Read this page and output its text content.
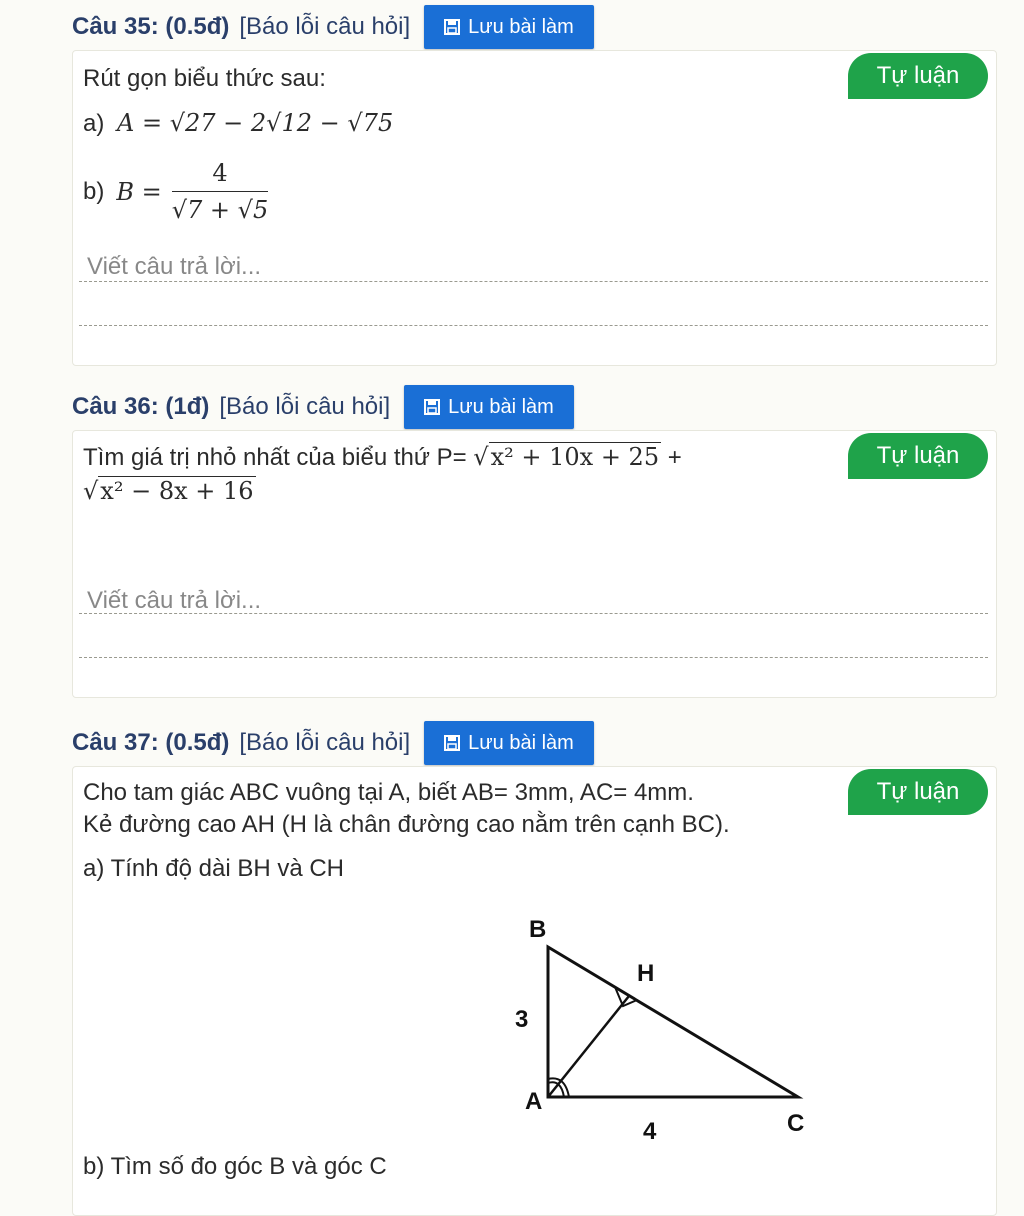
Câu 35: (0.5đ) [Báo lỗi câu hỏi]	Lưu bài làm
Tự luận
Rút gọn biểu thức sau:
a) A = √27 − 2√12 − √75
b) $B = \frac{4}{√7 + √5}$
Viết câu trả lời...
Câu 36: (1đ) [Báo lỗi câu hỏi]	Lưu bài làm
Tự luận
Tìm giá trị nhỏ nhất của biểu thứ P= √x² + 10x + 25 +
√x² − 8x + 16
Viết câu trả lời...
Câu 37: (0.5đ) [Báo lỗi câu hỏi]	Lưu bài làm
Tự luận
Cho tam giác ABC vuông tại A, biết AB= 3mm, AC= 4mm.
Kẻ đường cao AH (H là chân đường cao nằm trên cạnh BC).
a) Tính độ dài BH và CH
B
H
3
A
4	C
b) Tìm số đo góc B và góc C
